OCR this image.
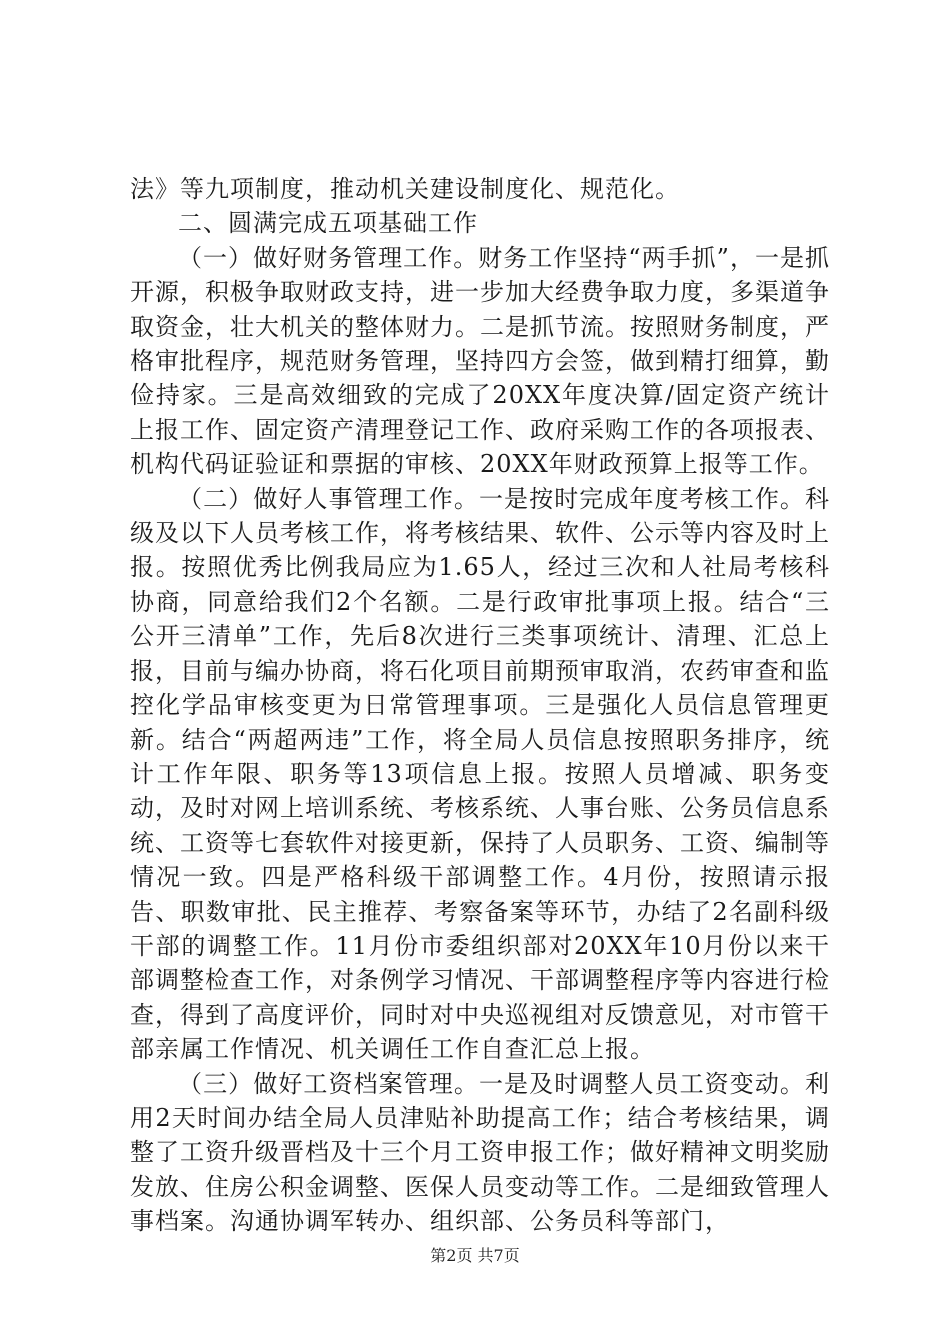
法》等九项制度，推动机关建设制度化、规范化。

二、圆满完成五项基础工作

（一）做好财务管理工作。财务工作坚持“两手抓”，一是抓开源，积极争取财政支持，进一步加大经费争取力度，多渠道争取资金，壮大机关的整体财力。二是抓节流。按照财务制度，严格审批程序，规范财务管理，坚持四方会签，做到精打细算，勤俭持家。三是高效细致的完成了20XX年度决算/固定资产统计上报工作、固定资产清理登记工作、政府采购工作的各项报表、机构代码证验证和票据的审核、20XX年财政预算上报等工作。

（二）做好人事管理工作。一是按时完成年度考核工作。科级及以下人员考核工作，将考核结果、软件、公示等内容及时上报。按照优秀比例我局应为1.65人，经过三次和人社局考核科协商，同意给我们2个名额。二是行政审批事项上报。结合“三公开三清单”工作，先后8次进行三类事项统计、清理、汇总上报，目前与编办协商，将石化项目前期预审取消，农药审查和监控化学品审核变更为日常管理事项。三是强化人员信息管理更新。结合“两超两违”工作，将全局人员信息按照职务排序，统计工作年限、职务等13项信息上报。按照人员增减、职务变动，及时对网上培训系统、考核系统、人事台账、公务员信息系统、工资等七套软件对接更新，保持了人员职务、工资、编制等情况一致。四是严格科级干部调整工作。4月份，按照请示报告、职数审批、民主推荐、考察备案等环节，办结了2名副科级干部的调整工作。11月份市委组织部对20XX年10月份以来干部调整检查工作，对条例学习情况、干部调整程序等内容进行检查，得到了高度评价，同时对中央巡视组对反馈意见，对市管干部亲属工作情况、机关调任工作自查汇总上报。

（三）做好工资档案管理。一是及时调整人员工资变动。利用2天时间办结全局人员津贴补助提高工作；结合考核结果，调整了工资升级晋档及十三个月工资申报工作；做好精神文明奖励发放、住房公积金调整、医保人员变动等工作。二是细致管理人事档案。沟通协调军转办、组织部、公务员科等部门，

第2页 共7页
